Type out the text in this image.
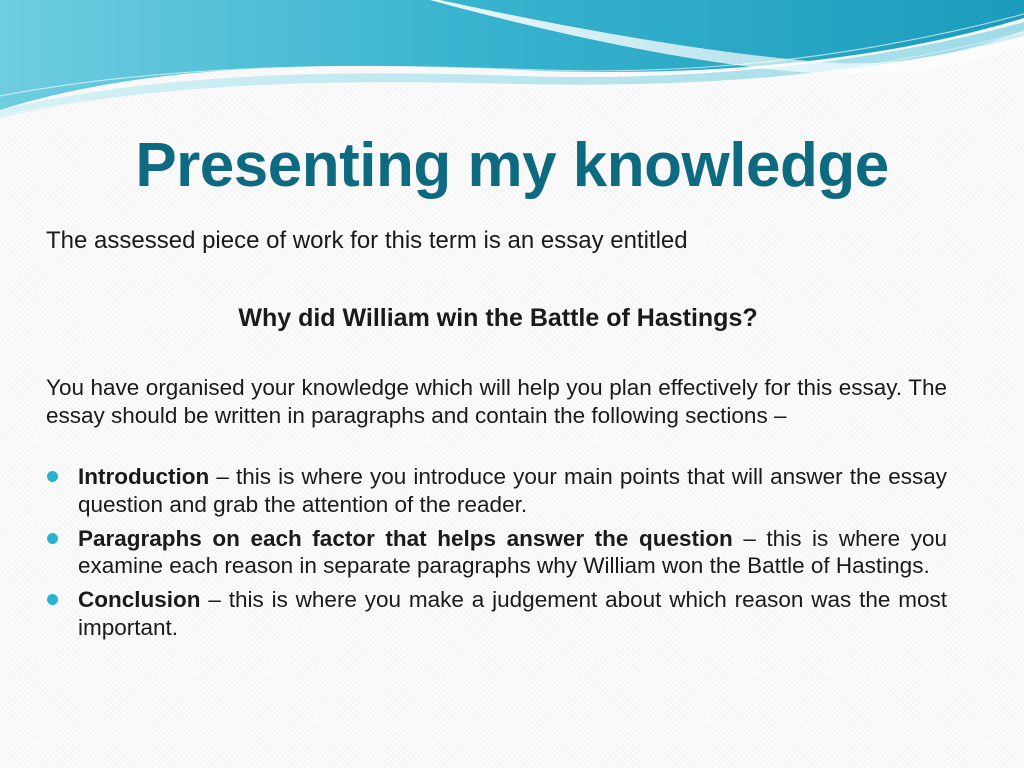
Presenting my knowledge

The assessed piece of work for this term is an essay entitled

Why did William win the Battle of Hastings?

You have organised your knowledge which will help you plan effectively for this essay. The essay should be written in paragraphs and contain the following sections –

Introduction – this is where you introduce your main points that will answer the essay question and grab the attention of the reader.
Paragraphs on each factor that helps answer the question – this is where you examine each reason in separate paragraphs why William won the Battle of Hastings.
Conclusion – this is where you make a judgement about which reason was the most important.
